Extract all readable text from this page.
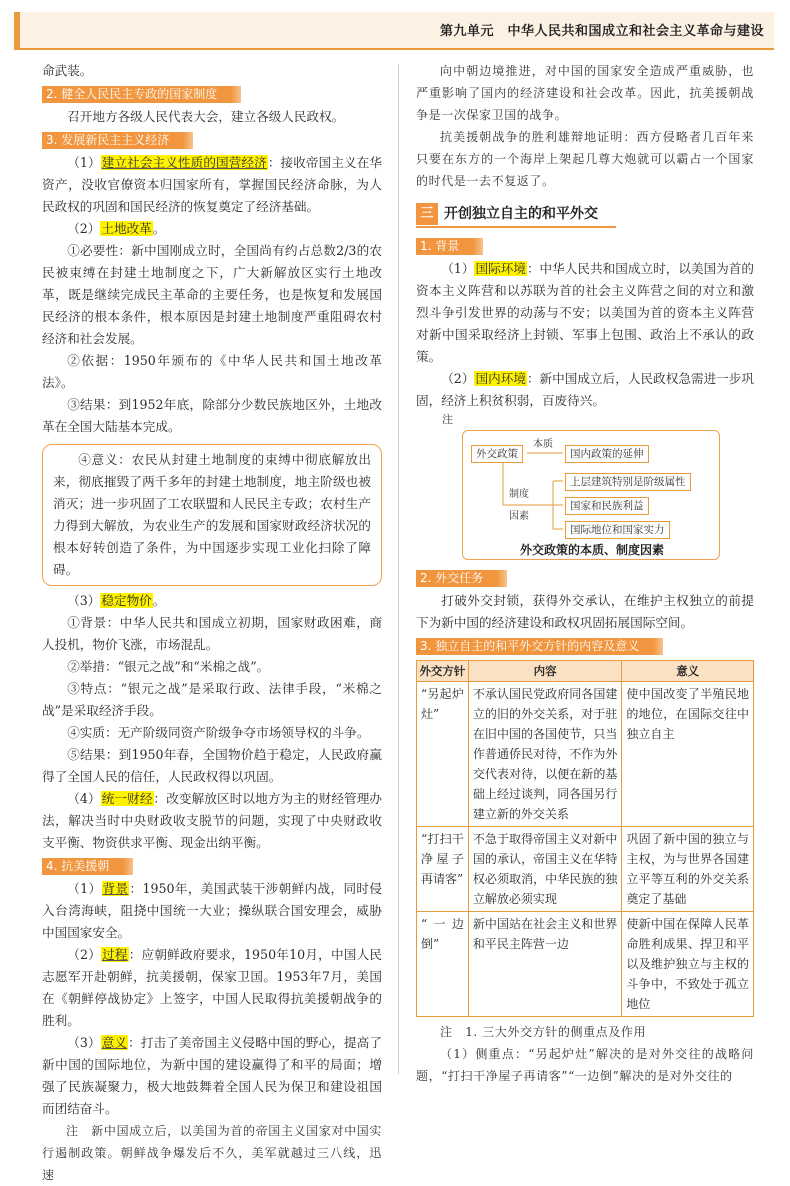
第九单元　中华人民共和国成立和社会主义革命与建设

命武装。

2. 健全人民民主专政的国家制度

召开地方各级人民代表大会，建立各级人民政权。

3. 发展新民主主义经济

（1）建立社会主义性质的国营经济：接收帝国主义在华资产，没收官僚资本归国家所有，掌握国民经济命脉，为人民政权的巩固和国民经济的恢复奠定了经济基础。

（2）土地改革。

①必要性：新中国刚成立时，全国尚有约占总数2/3的农民被束缚在封建土地制度之下，广大新解放区实行土地改革，既是继续完成民主革命的主要任务，也是恢复和发展国民经济的根本条件，根本原因是封建土地制度严重阻碍农村经济和社会发展。

②依据：1950年颁布的《中华人民共和国土地改革法》。

③结果：到1952年底，除部分少数民族地区外，土地改革在全国大陆基本完成。

④意义：农民从封建土地制度的束缚中彻底解放出来，彻底摧毁了两千多年的封建土地制度，地主阶级也被消灭；进一步巩固了工农联盟和人民民主专政；农村生产力得到大解放，为农业生产的发展和国家财政经济状况的根本好转创造了条件，为中国逐步实现工业化扫除了障碍。

（3）稳定物价。

①背景：中华人民共和国成立初期，国家财政困难，商人投机，物价飞涨，市场混乱。

②举措：“银元之战”和“米棉之战”。

③特点：“银元之战”是采取行政、法律手段，“米棉之战”是采取经济手段。

④实质：无产阶级同资产阶级争夺市场领导权的斗争。

⑤结果：到1950年春，全国物价趋于稳定，人民政府赢得了全国人民的信任，人民政权得以巩固。

（4）统一财经：改变解放区时以地方为主的财经管理办法，解决当时中央财政收支脱节的问题，实现了中央财政收支平衡、物资供求平衡、现金出纳平衡。

4. 抗美援朝

（1）背景：1950年，美国武装干涉朝鲜内战，同时侵入台湾海峡，阻挠中国统一大业；操纵联合国安理会，威胁中国国家安全。

（2）过程：应朝鲜政府要求，1950年10月，中国人民志愿军开赴朝鲜，抗美援朝，保家卫国。1953年7月，美国在《朝鲜停战协定》上签字，中国人民取得抗美援朝战争的胜利。

（3）意义：打击了美帝国主义侵略中国的野心，提高了新中国的国际地位，为新中国的建设赢得了和平的局面；增强了民族凝聚力，极大地鼓舞着全国人民为保卫和建设祖国而团结奋斗。

注　新中国成立后，以美国为首的帝国主义国家对中国实行遏制政策。朝鲜战争爆发后不久，美军就越过三八线，迅速

向中朝边境推进，对中国的国家安全造成严重威胁，也严重影响了国内的经济建设和社会改革。因此，抗美援朝战争是一次保家卫国的战争。

抗美援朝战争的胜利雄辩地证明：西方侵略者几百年来只要在东方的一个海岸上架起几尊大炮就可以霸占一个国家的时代是一去不复返了。

三 开创独立自主的和平外交
1. 背景

（1）国际环境：中华人民共和国成立时，以美国为首的资本主义阵营和以苏联为首的社会主义阵营之间的对立和激烈斗争引发世界的动荡与不安；以美国为首的资本主义阵营对新中国采取经济上封锁、军事上包围、政治上不承认的政策。

（2）国内环境：新中国成立后，人民政权急需进一步巩固，经济上积贫积弱，百废待兴。

注

外交政策
本质
国内政策的延伸
制度
因素
上层建筑特别是阶级属性
国家和民族利益
国际地位和国家实力
外交政策的本质、制度因素
2. 外交任务

打破外交封锁，获得外交承认，在维护主权独立的前提下为新中国的经济建设和政权巩固拓展国际空间。

3. 独立自主的和平外交方针的内容及意义
外交方针	内容	意义
“另起炉灶”	不承认国民党政府同各国建立的旧的外交关系，对于驻在旧中国的各国使节，只当作普通侨民对待，不作为外交代表对待，以便在新的基础上经过谈判，同各国另行建立新的外交关系	使中国改变了半殖民地的地位，在国际交往中独立自主
“打扫干净屋子再请客”	不急于取得帝国主义对新中国的承认，帝国主义在华特权必须取消，中华民族的独立解放必须实现	巩固了新中国的独立与主权，为与世界各国建立平等互利的外交关系奠定了基础
“一边倒”	新中国站在社会主义和世界和平民主阵营一边	使新中国在保障人民革命胜利成果、捍卫和平以及维护独立与主权的斗争中，不致处于孤立地位

注　1. 三大外交方针的侧重点及作用

（1）侧重点：“另起炉灶”解决的是对外交往的战略问题，“打扫干净屋子再请客”“一边倒”解决的是对外交往的
